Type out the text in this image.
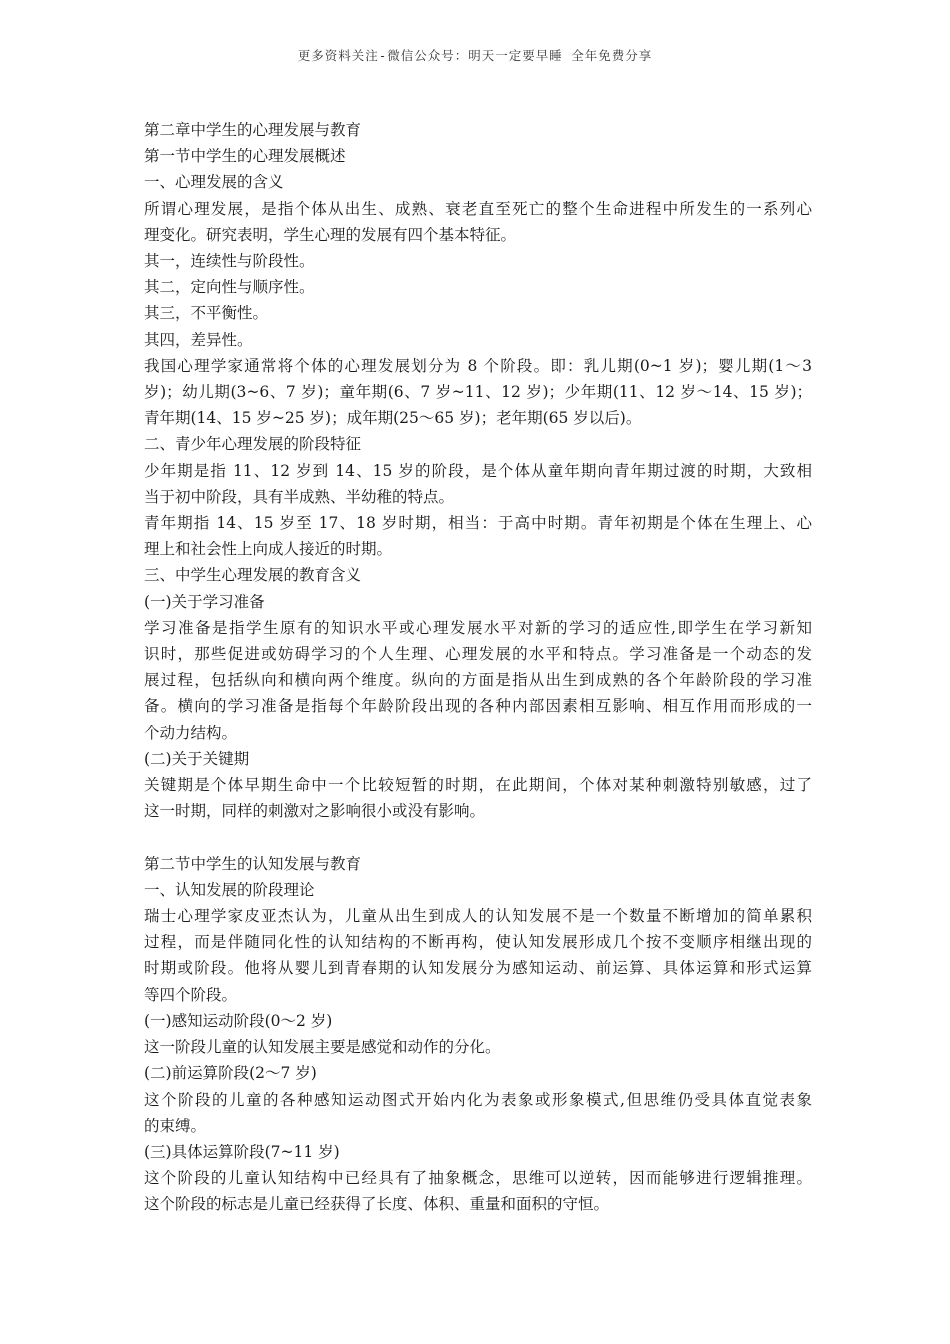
更多资料关注-微信公众号：明天一定要早睡 全年免费分享
第二章中学生的心理发展与教育
第一节中学生的心理发展概述
一、心理发展的含义
所谓心理发展，是指个体从出生、成熟、衰老直至死亡的整个生命进程中所发生的一系列心
理变化。研究表明，学生心理的发展有四个基本特征。
其一，连续性与阶段性。
其二，定向性与顺序性。
其三，不平衡性。
其四，差异性。
我国心理学家通常将个体的心理发展划分为 8 个阶段。即：乳儿期(0~1 岁)；婴儿期(1～3
岁)；幼儿期(3~6、7 岁)；童年期(6、7 岁~11、12 岁)；少年期(11、12 岁～14、15 岁)；
青年期(14、15 岁~25 岁)；成年期(25～65 岁)；老年期(65 岁以后)。
二、青少年心理发展的阶段特征
少年期是指 11、12 岁到 14、15 岁的阶段，是个体从童年期向青年期过渡的时期，大致相
当于初中阶段，具有半成熟、半幼稚的特点。
青年期指 14、15 岁至 17、18 岁时期，相当：于高中时期。青年初期是个体在生理上、心
理上和社会性上向成人接近的时期。
三、中学生心理发展的教育含义
(一)关于学习准备
学习准备是指学生原有的知识水平或心理发展水平对新的学习的适应性,即学生在学习新知
识时，那些促进或妨碍学习的个人生理、心理发展的水平和特点。学习准备是一个动态的发
展过程，包括纵向和横向两个维度。纵向的方面是指从出生到成熟的各个年龄阶段的学习准
备。横向的学习准备是指每个年龄阶段出现的各种内部因素相互影响、相互作用而形成的一
个动力结构。
(二)关于关键期
关键期是个体早期生命中一个比较短暂的时期，在此期间，个体对某种刺激特别敏感，过了
这一时期，同样的刺激对之影响很小或没有影响。
第二节中学生的认知发展与教育
一、认知发展的阶段理论
瑞士心理学家皮亚杰认为，儿童从出生到成人的认知发展不是一个数量不断增加的简单累积
过程，而是伴随同化性的认知结构的不断再构，使认知发展形成几个按不变顺序相继出现的
时期或阶段。他将从婴儿到青春期的认知发展分为感知运动、前运算、具体运算和形式运算
等四个阶段。
(一)感知运动阶段(0～2 岁)
这一阶段儿童的认知发展主要是感觉和动作的分化。
(二)前运算阶段(2～7 岁)
这个阶段的儿童的各种感知运动图式开始内化为表象或形象模式,但思维仍受具体直觉表象
的束缚。
(三)具体运算阶段(7~11 岁)
这个阶段的儿童认知结构中已经具有了抽象概念，思维可以逆转，因而能够进行逻辑推理。
这个阶段的标志是儿童已经获得了长度、体积、重量和面积的守恒。
